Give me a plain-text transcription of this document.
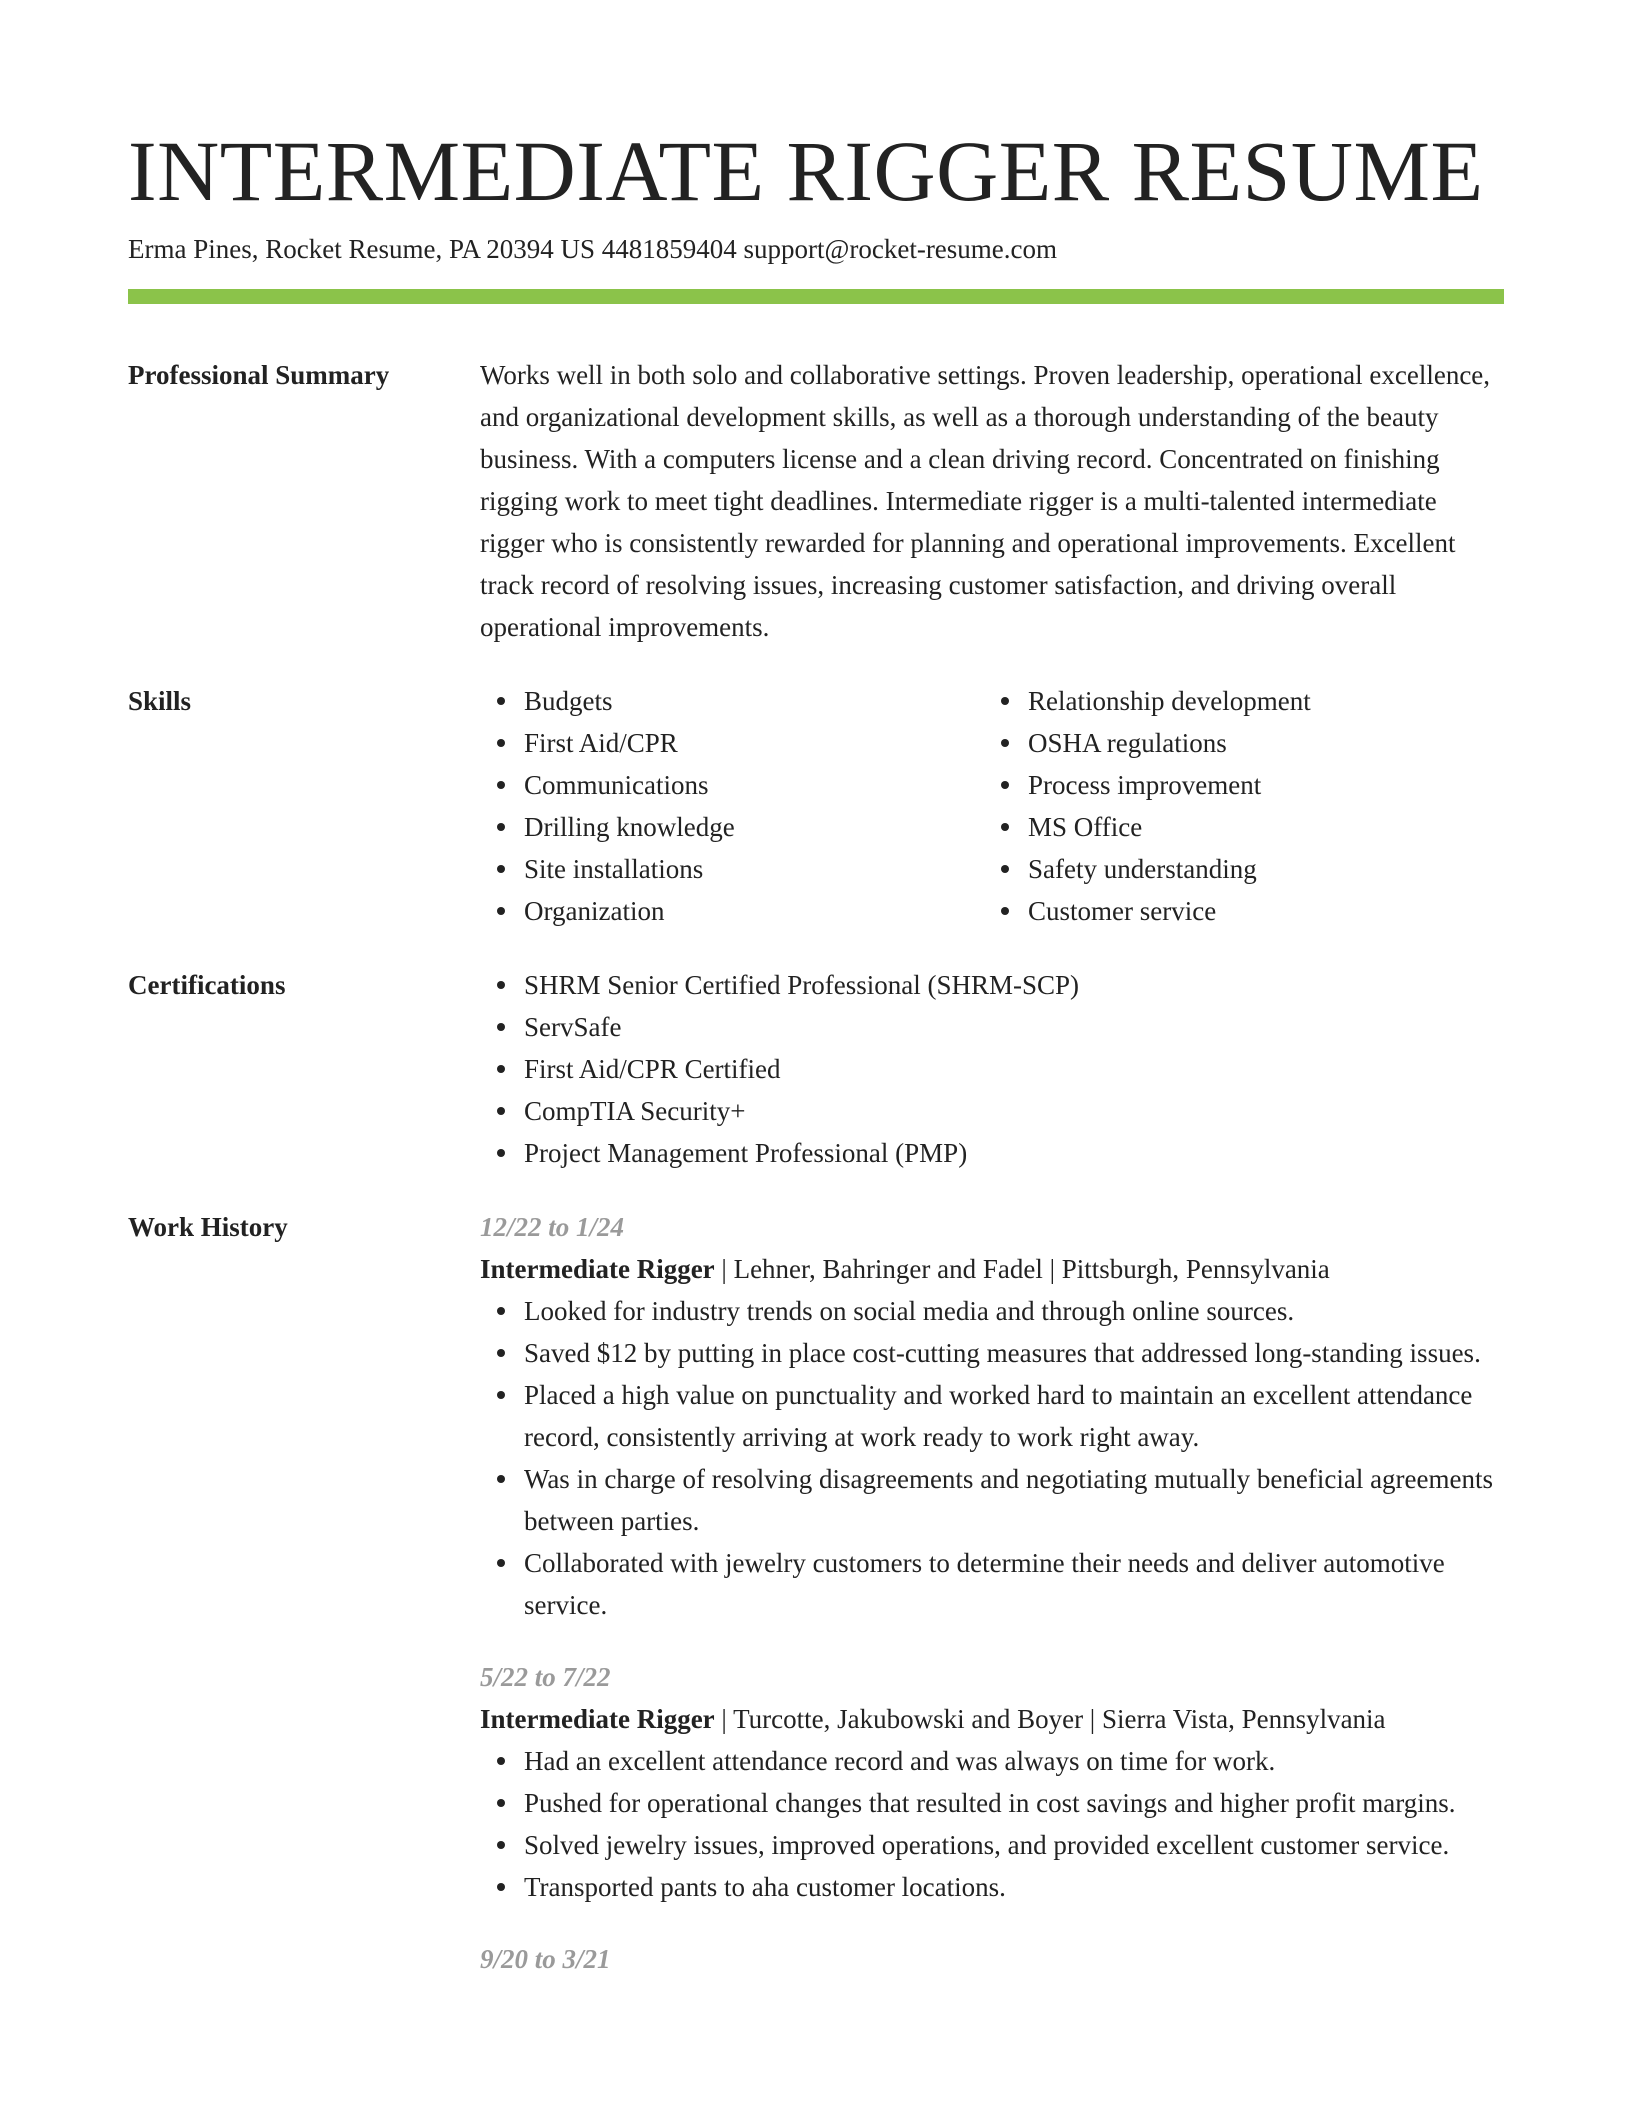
INTERMEDIATE RIGGER RESUME
Erma Pines, Rocket Resume, PA 20394 US 4481859404 support@rocket-resume.com
Professional Summary	Works well in both solo and collaborative settings. Proven leadership, operational excellence, and organizational development skills, as well as a thorough understanding of the beauty business. With a computers license and a clean driving record. Concentrated on finishing rigging work to meet tight deadlines. Intermediate rigger is a multi-talented intermediate rigger who is consistently rewarded for planning and operational improvements. Excellent track record of resolving issues, increasing customer satisfaction, and driving overall operational improvements.
Skills	Budgets
First Aid/CPR
Communications
Drilling knowledge
Site installations
Organization
Relationship development
OSHA regulations
Process improvement
MS Office
Safety understanding
Customer service
Certifications	SHRM Senior Certified Professional (SHRM-SCP)
ServSafe
First Aid/CPR Certified
CompTIA Security+
Project Management Professional (PMP)
Work History	12/22 to 1/24
Intermediate Rigger | Lehner, Bahringer and Fadel | Pittsburgh, Pennsylvania
Looked for industry trends on social media and through online sources.
Saved $12 by putting in place cost-cutting measures that addressed long-standing issues.
Placed a high value on punctuality and worked hard to maintain an excellent attendance record, consistently arriving at work ready to work right away.
Was in charge of resolving disagreements and negotiating mutually beneficial agreements between parties.
Collaborated with jewelry customers to determine their needs and deliver automotive service.
5/22 to 7/22
Intermediate Rigger | Turcotte, Jakubowski and Boyer | Sierra Vista, Pennsylvania
Had an excellent attendance record and was always on time for work.
Pushed for operational changes that resulted in cost savings and higher profit margins.
Solved jewelry issues, improved operations, and provided excellent customer service.
Transported pants to aha customer locations.
9/20 to 3/21
